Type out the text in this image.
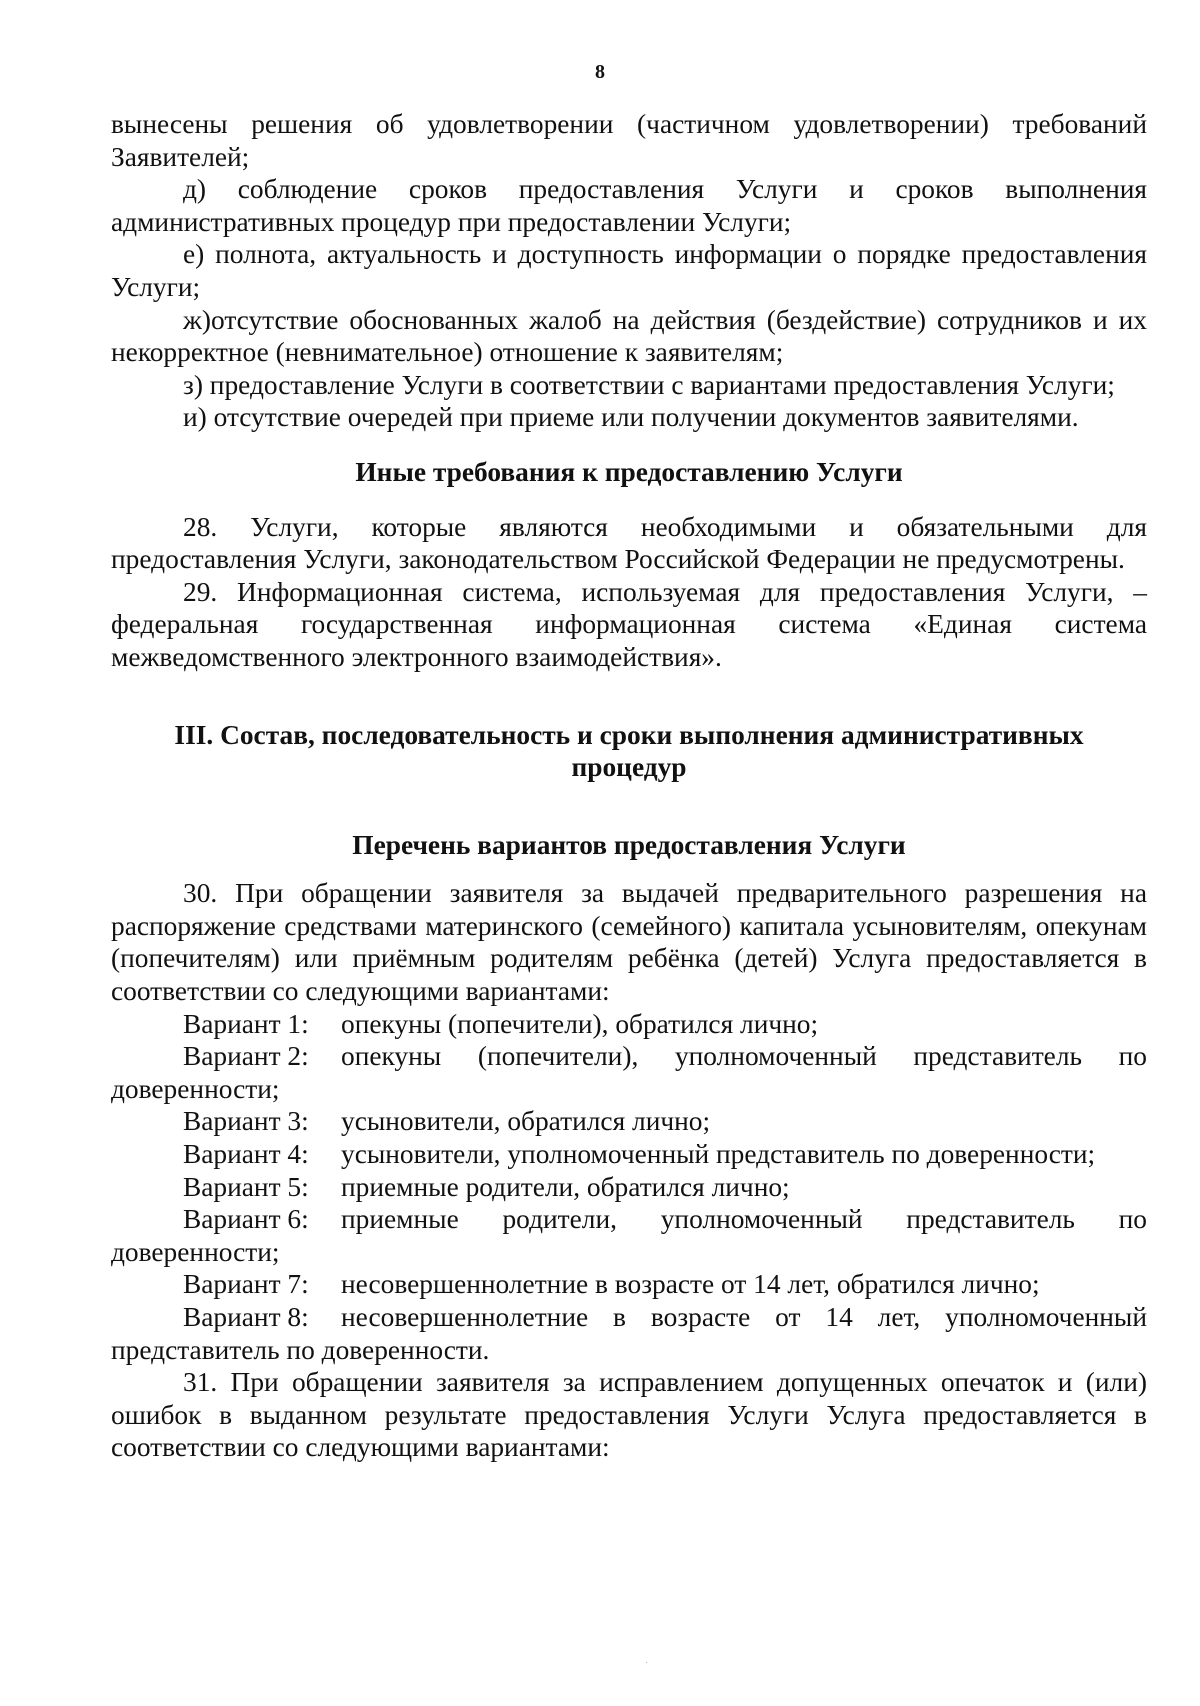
8

вынесены решения об удовлетворении (частичном удовлетворении) требований Заявителей;

д) соблюдение сроков предоставления Услуги и сроков выполнения административных процедур при предоставлении Услуги;

е) полнота, актуальность и доступность информации о порядке предоставления Услуги;

ж)отсутствие обоснованных жалоб на действия (бездействие) сотрудников и их некорректное (невнимательное) отношение к заявителям;

з) предоставление Услуги в соответствии с вариантами предоставления Услуги;

и) отсутствие очередей при приеме или получении документов заявителями.

Иные требования к предоставлению Услуги

28. Услуги, которые являются необходимыми и обязательными для предоставления Услуги, законодательством Российской Федерации не предусмотрены.

29. Информационная система, используемая для предоставления Услуги, – федеральная государственная информационная система «Единая система межведомственного электронного взаимодействия».

III. Состав, последовательность и сроки выполнения административных процедур

Перечень вариантов предоставления Услуги

30. При обращении заявителя за выдачей предварительного разрешения на распоряжение средствами материнского (семейного) капитала усыновителям, опекунам (попечителям) или приёмным родителям ребёнка (детей) Услуга предоставляется в соответствии со следующими вариантами:

Вариант 1: опекуны (попечители), обратился лично;

Вариант 2: опекуны (попечители), уполномоченный представитель по доверенности;

Вариант 3: усыновители, обратился лично;

Вариант 4: усыновители, уполномоченный представитель по доверенности;

Вариант 5: приемные родители, обратился лично;

Вариант 6: приемные родители, уполномоченный представитель по доверенности;

Вариант 7: несовершеннолетние в возрасте от 14 лет, обратился лично;

Вариант 8: несовершеннолетние в возрасте от 14 лет, уполномоченный представитель по доверенности.

31. При обращении заявителя за исправлением допущенных опечаток и (или) ошибок в выданном результате предоставления Услуги Услуга предоставляется в соответствии со следующими вариантами:

·
